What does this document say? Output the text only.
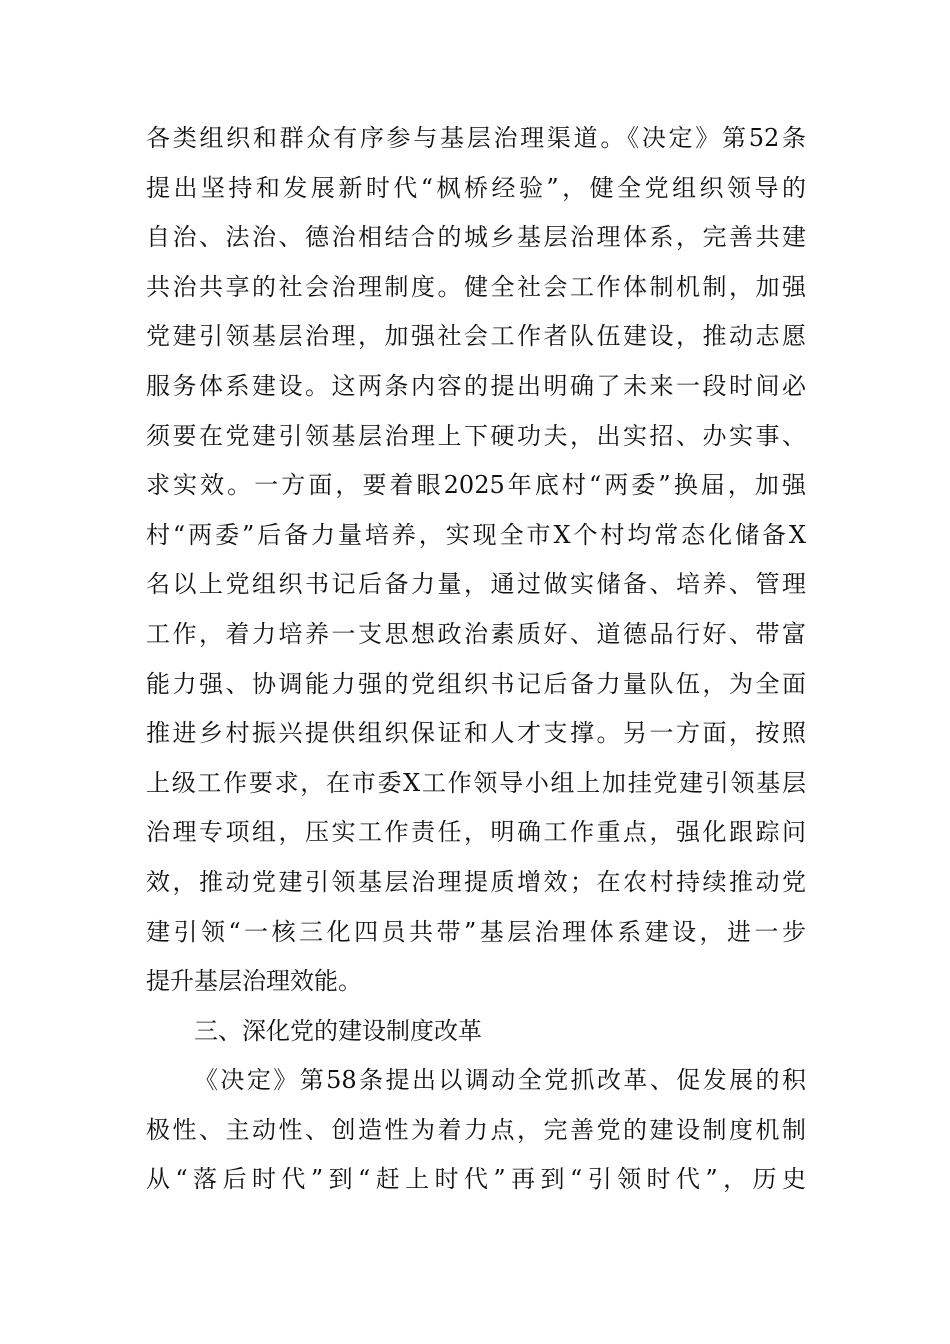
各类组织和群众有序参与基层治理渠道。《决定》第52条
提出坚持和发展新时代“枫桥经验”，健全党组织领导的
自治、法治、德治相结合的城乡基层治理体系，完善共建
共治共享的社会治理制度。健全社会工作体制机制，加强
党建引领基层治理，加强社会工作者队伍建设，推动志愿
服务体系建设。这两条内容的提出明确了未来一段时间必
须要在党建引领基层治理上下硬功夫，出实招、办实事、
求实效。一方面，要着眼2025年底村“两委”换届，加强
村“两委”后备力量培养，实现全市X个村均常态化储备X
名以上党组织书记后备力量，通过做实储备、培养、管理
工作，着力培养一支思想政治素质好、道德品行好、带富
能力强、协调能力强的党组织书记后备力量队伍，为全面
推进乡村振兴提供组织保证和人才支撑。另一方面，按照
上级工作要求，在市委X工作领导小组上加挂党建引领基层
治理专项组，压实工作责任，明确工作重点，强化跟踪问
效，推动党建引领基层治理提质增效；在农村持续推动党
建引领“一核三化四员共带”基层治理体系建设，进一步
提升基层治理效能。
三、深化党的建设制度改革
《决定》第58条提出以调动全党抓改革、促发展的积
极性、主动性、创造性为着力点，完善党的建设制度机制
从“落后时代”到“赶上时代”再到“引领时代”，历史
